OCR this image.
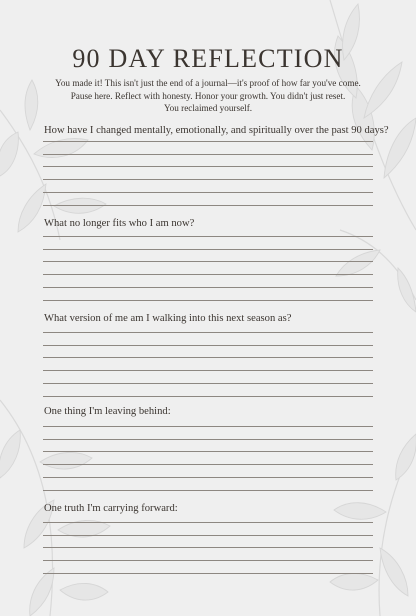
90 DAY REFLECTION

You made it! This isn't just the end of a journal—it's proof of how far you've come.
Pause here. Reflect with honesty. Honor your growth. You didn't just reset.
You reclaimed yourself.

How have I changed mentally, emotionally, and spiritually over the past 90 days?

What no longer fits who I am now?

What version of me am I walking into this next season as?

One thing I'm leaving behind:

One truth I'm carrying forward:
